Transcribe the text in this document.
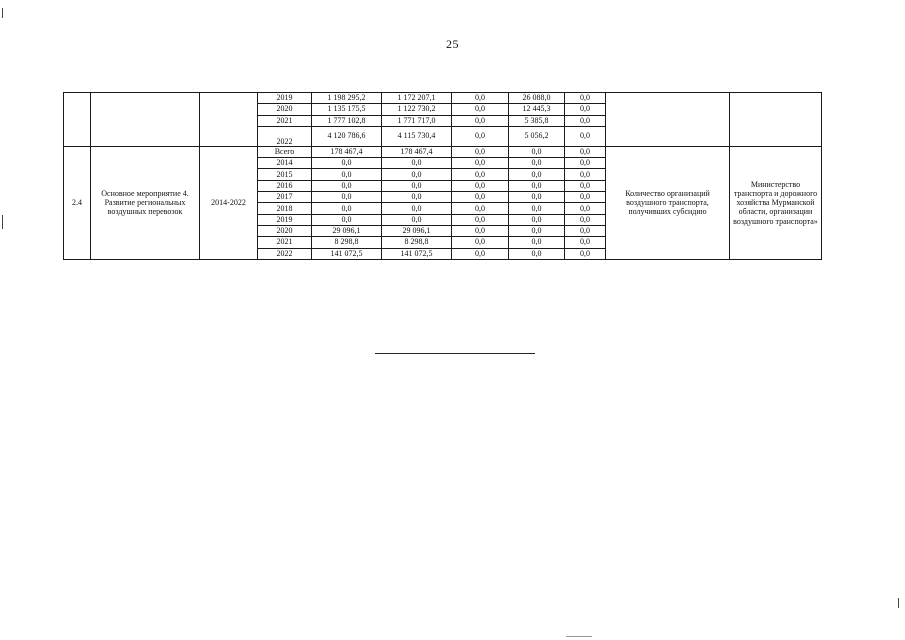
25
			2019	1 198 295,2	1 172 207,1	0,0	26 088,0	0,0		
			2020	1 135 175,5	1 122 730,2	0,0	12 445,3	0,0		
			2021	1 777 102,8	1 771 717,0	0,0	5 385,8	0,0		
			2022	4 120 786,6	4 115 730,4	0,0	5 056,2	0,0		
2.4	Основное мероприятие 4. Развитие региональных воздушных перевозок	2014-2022	Всего	178 467,4	178 467,4	0,0	0,0	0,0	Количество организаций воздушного транспорта, получивших субсидию	Министерство транспорта и дорожного хозяйства Мурманской области, организации воздушного транспорта»
			2014	0,0	0,0	0,0	0,0	0,0		
			2015	0,0	0,0	0,0	0,0	0,0		
			2016	0,0	0,0	0,0	0,0	0,0		
			2017	0,0	0,0	0,0	0,0	0,0		
			2018	0,0	0,0	0,0	0,0	0,0		
			2019	0,0	0,0	0,0	0,0	0,0		
			2020	29 096,1	29 096,1	0,0	0,0	0,0		
			2021	8 298,8	8 298,8	0,0	0,0	0,0		
			2022	141 072,5	141 072,5	0,0	0,0	0,0		
